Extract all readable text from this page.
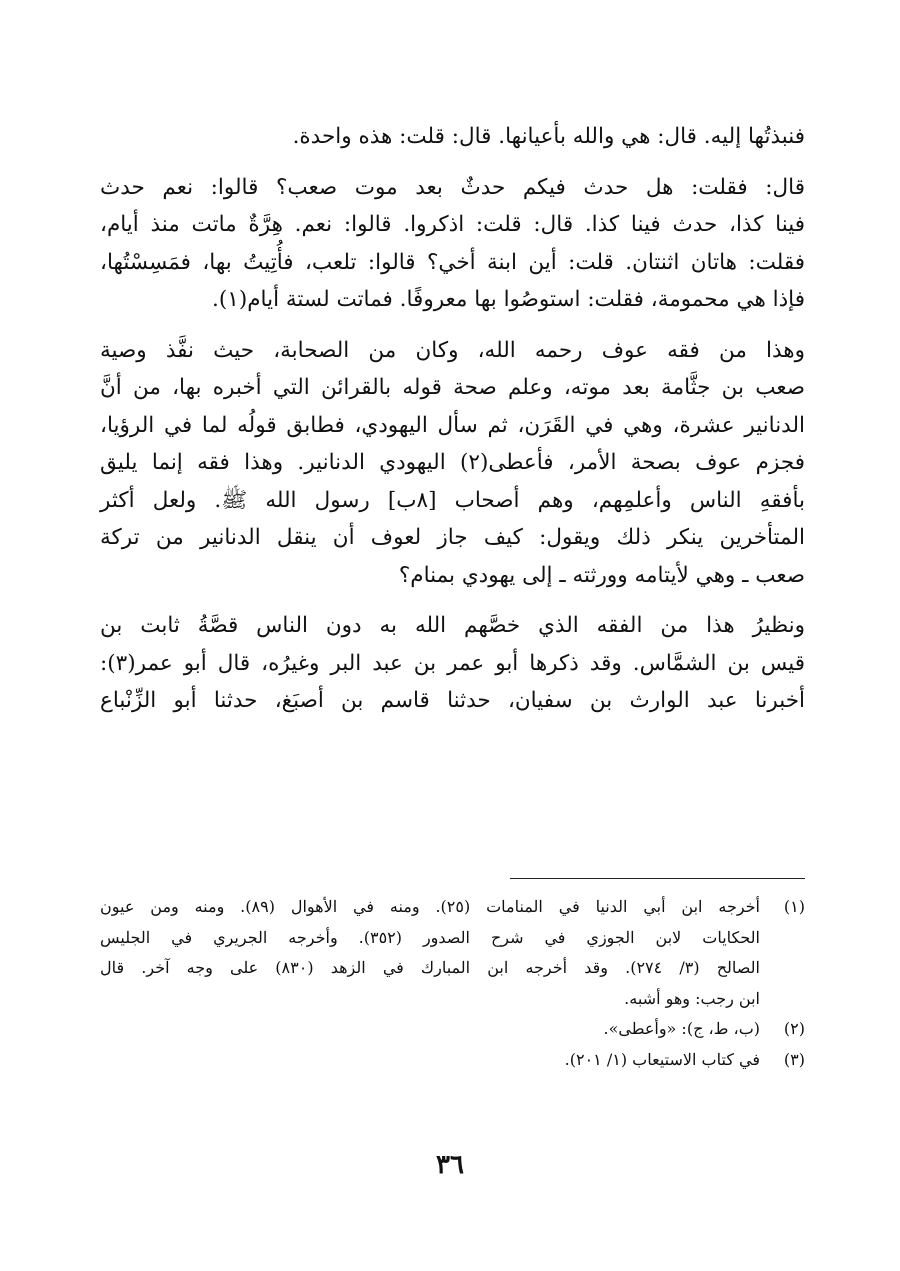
فنبذتُها إليه. قال: هي والله بأعيانها. قال: قلت: هذه واحدة.
قال: فقلت: هل حدث فيكم حدثٌ بعد موت صعب؟ قالوا: نعم حدث
فينا كذا، حدث فينا كذا. قال: قلت: اذكروا. قالوا: نعم. هِرَّةٌ ماتت منذ أيام،
فقلت: هاتان اثنتان. قلت: أين ابنة أخي؟ قالوا: تلعب، فأُتِيتُ بها، فمَسِسْتُها،
فإذا هي محمومة، فقلت: استوصُوا بها معروفًا. فماتت لستة أيام(١).
وهذا من فقه عوف رحمه الله، وكان من الصحابة، حيث نفَّذ وصية
صعب بن جثَّامة بعد موته، وعلم صحة قوله بالقرائن التي أخبره بها، من أنَّ
الدنانير عشرة، وهي في القَرَن، ثم سأل اليهودي، فطابق قولُه لما في الرؤيا،
فجزم عوف بصحة الأمر، فأعطى(٢) اليهودي الدنانير. وهذا فقه إنما يليق
بأفقهِ الناس وأعلمِهم، وهم أصحاب [٨ب] رسول الله ﷺ. ولعل أكثر
المتأخرين ينكر ذلك ويقول: كيف جاز لعوف أن ينقل الدنانير من تركة
صعب ـ وهي لأيتامه وورثته ـ إلى يهودي بمنام؟
ونظيرُ هذا من الفقه الذي خصَّهم الله به دون الناس قصَّةُ ثابت بن
قيس بن الشمَّاس. وقد ذكرها أبو عمر بن عبد البر وغيرُه، قال أبو عمر(٣):
أخبرنا عبد الوارث بن سفيان، حدثنا قاسم بن أصبَغ، حدثنا أبو الزِّنْباع
(١)
أخرجه ابن أبي الدنيا في المنامات (٢٥). ومنه في الأهوال (٨٩). ومنه ومن عيون
الحكايات لابن الجوزي في شرح الصدور (٣٥٢). وأخرجه الجريري في الجليس
الصالح (٣/ ٢٧٤). وقد أخرجه ابن المبارك في الزهد (٨٣٠) على وجه آخر. قال
ابن رجب: وهو أشبه.
(٢)
(ب، ط، ج): «وأعطى».
(٣)
في كتاب الاستيعاب (١/ ٢٠١).
٣٦
